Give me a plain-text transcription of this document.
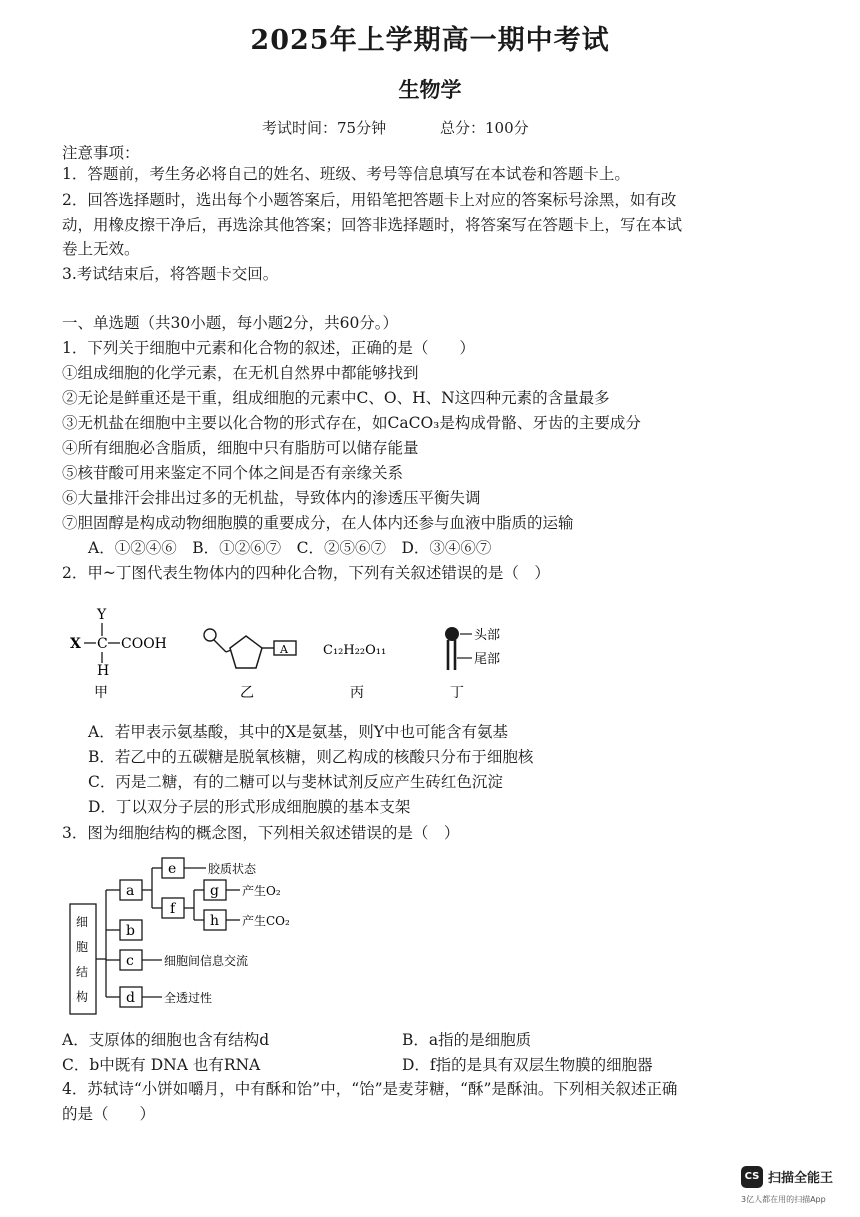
2025年上学期高一期中考试
生物学
考试时间：75分钟	总分：100分
注意事项：
1．答题前，考生务必将自己的姓名、班级、考号等信息填写在本试卷和答题卡上。
2．回答选择题时，选出每个小题答案后，用铅笔把答题卡上对应的答案标号涂黑，如有改
动，用橡皮擦干净后，再选涂其他答案；回答非选择题时，将答案写在答题卡上，写在本试
卷上无效。
3.考试结束后，将答题卡交回。
一、单选题（共30小题，每小题2分，共60分。）
1．下列关于细胞中元素和化合物的叙述，正确的是（　　）
①组成细胞的化学元素，在无机自然界中都能够找到
②无论是鲜重还是干重，组成细胞的元素中C、O、H、N这四种元素的含量最多
③无机盐在细胞中主要以化合物的形式存在，如CaCO₃是构成骨骼、牙齿的主要成分
④所有细胞必含脂质，细胞中只有脂肪可以储存能量
⑤核苷酸可用来鉴定不同个体之间是否有亲缘关系
⑥大量排汗会排出过多的无机盐，导致体内的渗透压平衡失调
⑦胆固醇是构成动物细胞膜的重要成分，在人体内还参与血液中脂质的运输
A．①②④⑥　B．①②⑥⑦　C．②⑤⑥⑦　D．③④⑥⑦
2．甲~丁图代表生物体内的四种化合物，下列有关叙述错误的是（　）
Y
X C COOH
H
甲
A
乙
C₁₂H₂₂O₁₁
丙
头部
尾部
丁
A．若甲表示氨基酸，其中的X是氨基，则Y中也可能含有氨基
B．若乙中的五碳糖是脱氧核糖，则乙构成的核酸只分布于细胞核
C．丙是二糖，有的二糖可以与斐林试剂反应产生砖红色沉淀
D．丁以双分子层的形式形成细胞膜的基本支架
3．图为细胞结构的概念图，下列相关叙述错误的是（　）
细
胞
结
构
a
b
c
d
e
f
g
h
胶质状态
产生O₂
产生CO₂
细胞间信息交流
全透过性
A．支原体的细胞也含有结构d	B．a指的是细胞质
C．b中既有 DNA 也有RNA	D．f指的是具有双层生物膜的细胞器
4．苏轼诗“小饼如嚼月，中有酥和饴”中，“饴”是麦芽糖，“酥”是酥油。下列相关叙述正确
的是（　　）
CS 扫描全能王
3亿人都在用的扫描App
